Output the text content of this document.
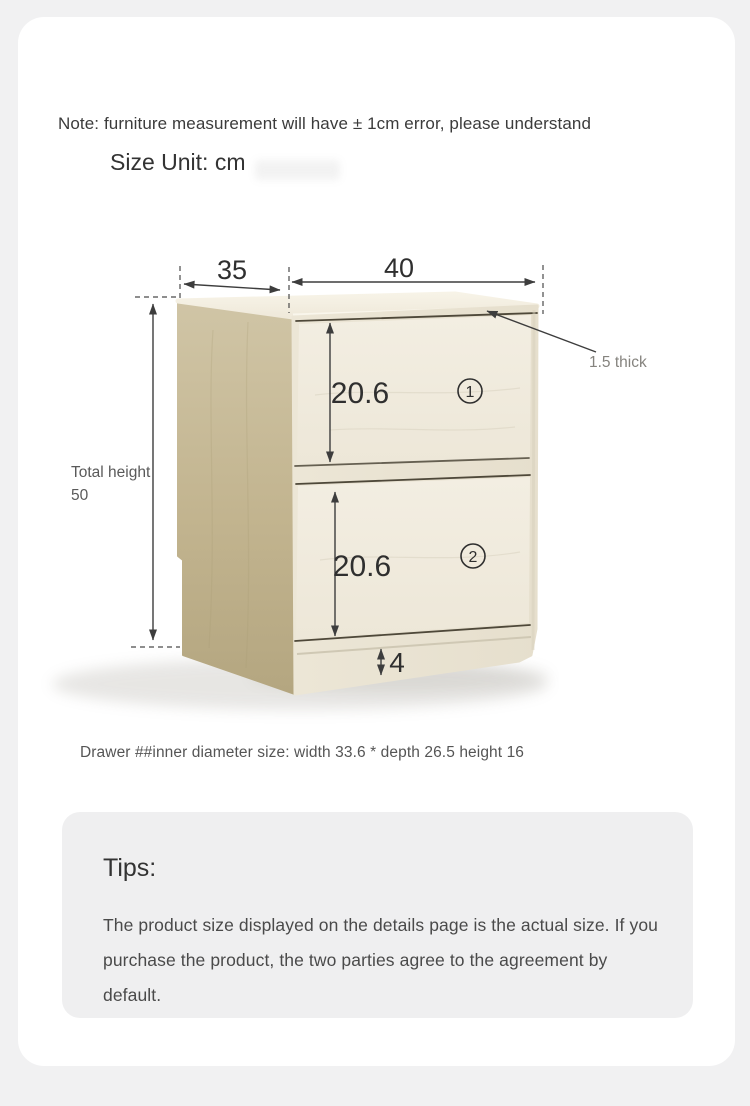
Note: furniture measurement will have ± 1cm error, please understand
Size Unit: cm
35	40
20.6
20.6
4
Total height
50
1.5 thick
1
2
Drawer ##inner diameter size: width 33.6 * depth 26.5 height 16
Tips:
The product size displayed on the details page is the actual size. If you
purchase the product, the two parties agree to the agreement by default.
